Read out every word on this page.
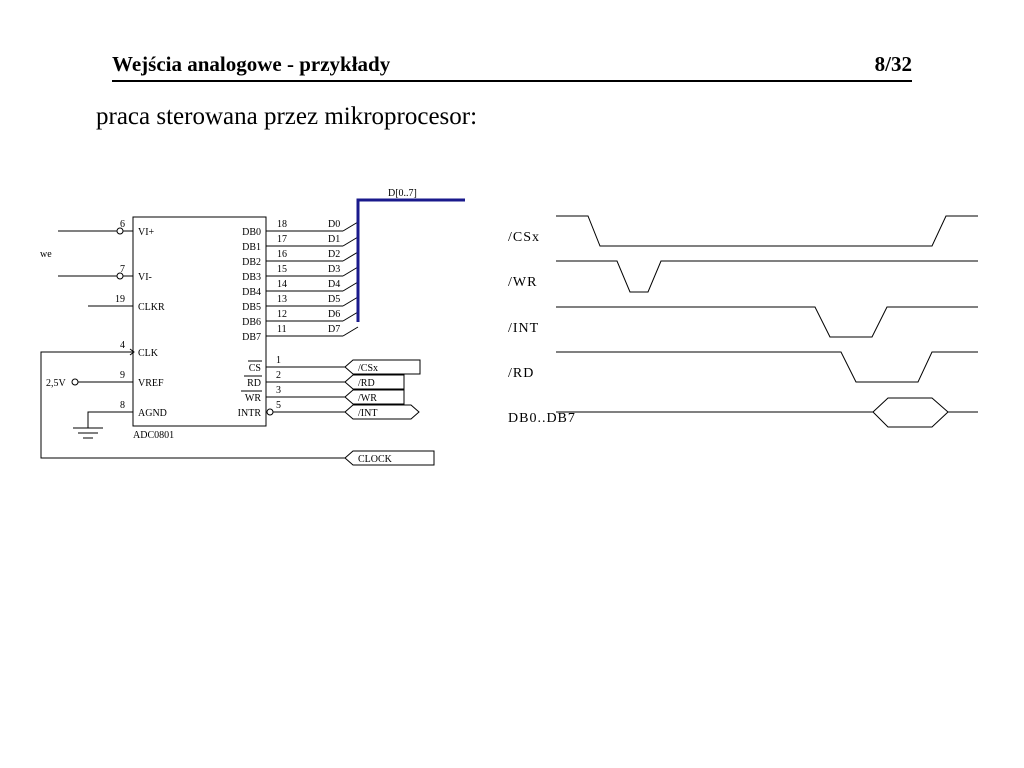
Wejścia analogowe - przykłady	8/32
praca sterowana przez mikroprocesor:
D[0..7]
we
2,5V
ADC0801
6
VI+
7
VI-
19
CLKR
4
CLK
9
VREF
8
AGND
DB0
18	D0
DB1
17	D1
DB2
16	D2
DB3
15	D3
DB4
14	D4
DB5
13	D5
DB6
12	D6
DB7
11	D7
CS
1
/CSx
RD
2
/RD
WR
3
/WR
INTR
5
/INT
CLOCK
/CSx
/WR
/INT
/RD
DB0..DB7
